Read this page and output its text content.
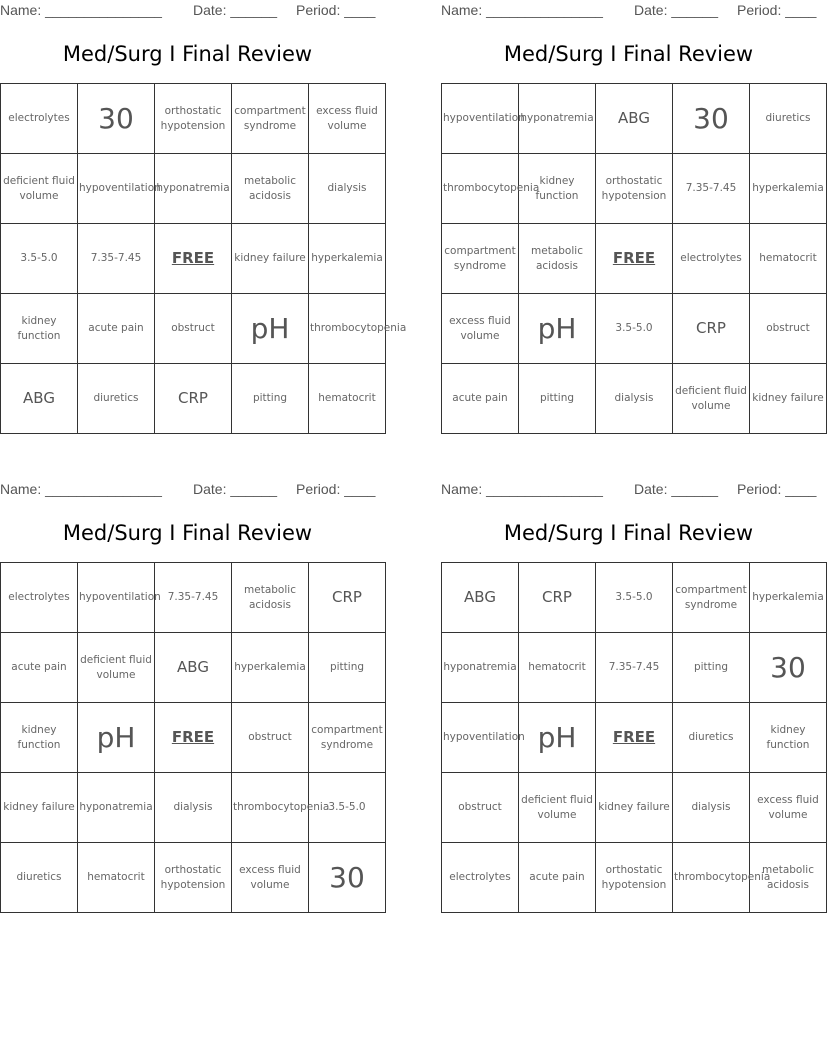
Name: _______________ Date: ______ Period: ____
Med/Surg I Final Review
electrolytes	30	orthostatic hypotension	compartment syndrome	excess fluid volume
deficient fluid volume	hypoventilation	hyponatremia	metabolic acidosis	dialysis
3.5-5.0	7.35-7.45	FREE	kidney failure	hyperkalemia
kidney function	acute pain	obstruct	pH	thrombocytopenia
ABG	diuretics	CRP	pitting	hematocrit
Name: _______________ Date: ______ Period: ____
Med/Surg I Final Review
hypoventilation	hyponatremia	ABG	30	diuretics
thrombocytopenia	kidney function	orthostatic hypotension	7.35-7.45	hyperkalemia
compartment syndrome	metabolic acidosis	FREE	electrolytes	hematocrit
excess fluid volume	pH	3.5-5.0	CRP	obstruct
acute pain	pitting	dialysis	deficient fluid volume	kidney failure
Name: _______________ Date: ______ Period: ____
Med/Surg I Final Review
electrolytes	hypoventilation	7.35-7.45	metabolic acidosis	CRP
acute pain	deficient fluid volume	ABG	hyperkalemia	pitting
kidney function	pH	FREE	obstruct	compartment syndrome
kidney failure	hyponatremia	dialysis	thrombocytopenia	3.5-5.0
diuretics	hematocrit	orthostatic hypotension	excess fluid volume	30
Name: _______________ Date: ______ Period: ____
Med/Surg I Final Review
ABG	CRP	3.5-5.0	compartment syndrome	hyperkalemia
hyponatremia	hematocrit	7.35-7.45	pitting	30
hypoventilation	pH	FREE	diuretics	kidney function
obstruct	deficient fluid volume	kidney failure	dialysis	excess fluid volume
electrolytes	acute pain	orthostatic hypotension	thrombocytopenia	metabolic acidosis
